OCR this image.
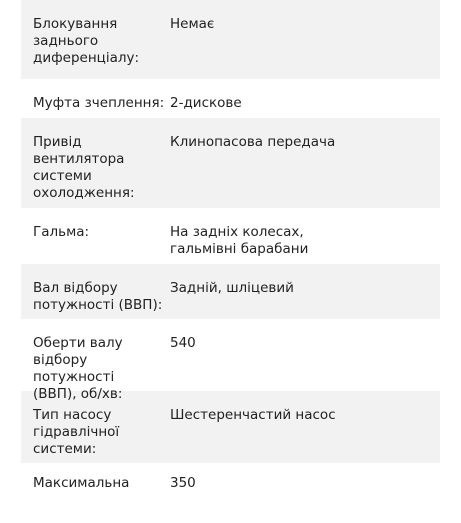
Блокування
заднього
диференціалу:
Немає
Муфта зчеплення: 2-дискове
Привід
вентилятора
системи
охолодження:
Клинопасова передача
Гальма:	На задніх колесах,
гальмівні барабани
Вал відбору
потужності (ВВП):
Задній, шліцевий
Оберти валу
відбору потужності
(ВВП), об/хв:
540
Тип насосу
гідравлічної
системи:
Шестеренчастий насос
Максимальна	350
